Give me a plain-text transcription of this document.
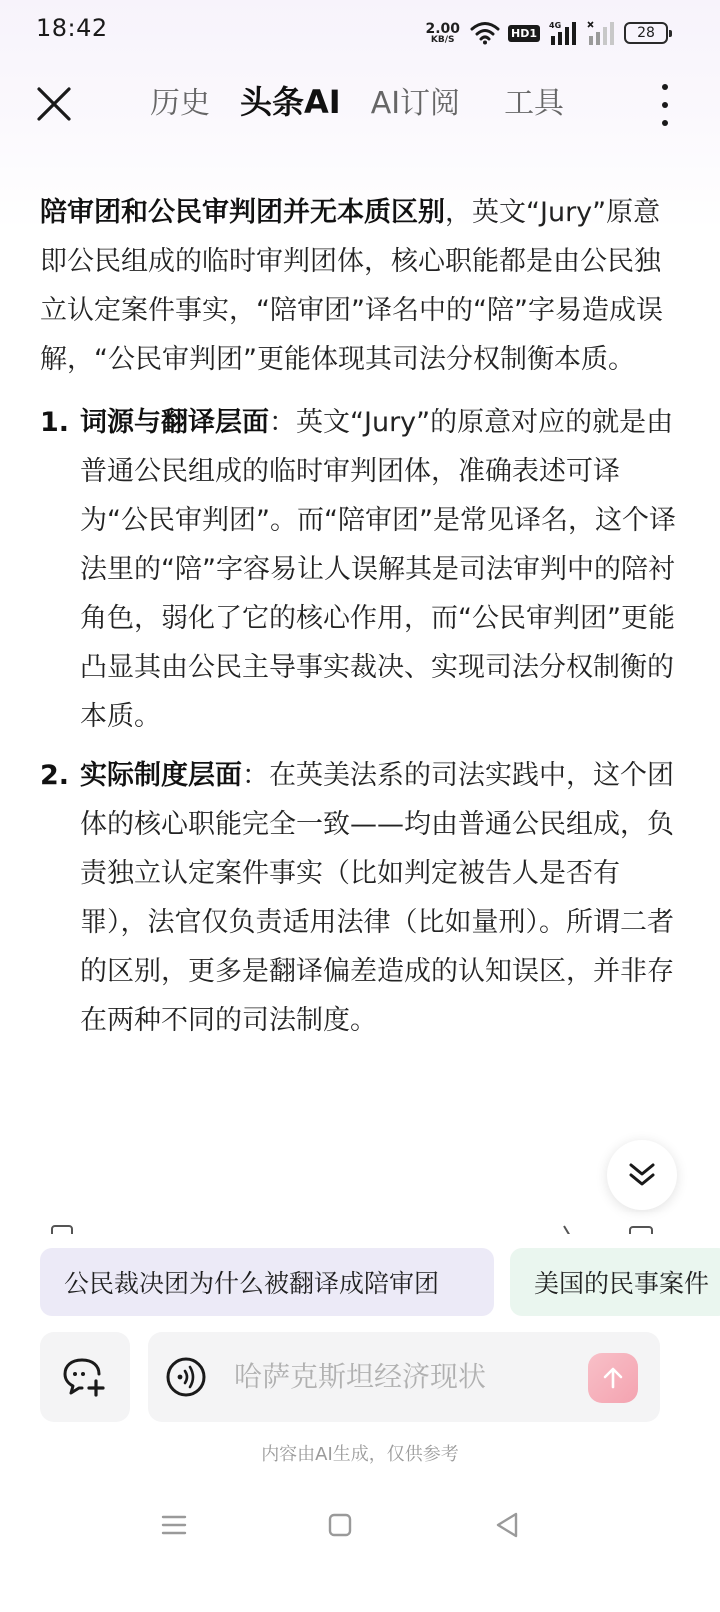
18:42	2.00
KB/S	HD1
4G	28
历史 头条AI AI订阅 工具

陪审团和公民审判团并无本质区别，英文“Jury”原意即公民组成的临时审判团体，核心职能都是由公民独立认定案件事实，“陪审团”译名中的“陪”字易造成误解，“公民审判团”更能体现其司法分权制衡本质。

1. 词源与翻译层面：英文“Jury”的原意对应的就是由普通公民组成的临时审判团体，准确表述可译为“公民审判团”。而“陪审团”是常见译名，这个译法里的“陪”字容易让人误解其是司法审判中的陪衬角色，弱化了它的核心作用，而“公民审判团”更能凸显其由公民主导事实裁决、实现司法分权制衡的本质。
2. 实际制度层面：在英美法系的司法实践中，这个团体的核心职能完全一致——均由普通公民组成，负责独立认定案件事实（比如判定被告人是否有罪），法官仅负责适用法律（比如量刑）。所谓二者的区别，更多是翻译偏差造成的认知误区，并非存在两种不同的司法制度。
公民裁决团为什么被翻译成陪审团	美国的民事案件
哈萨克斯坦经济现状
内容由AI生成，仅供参考
